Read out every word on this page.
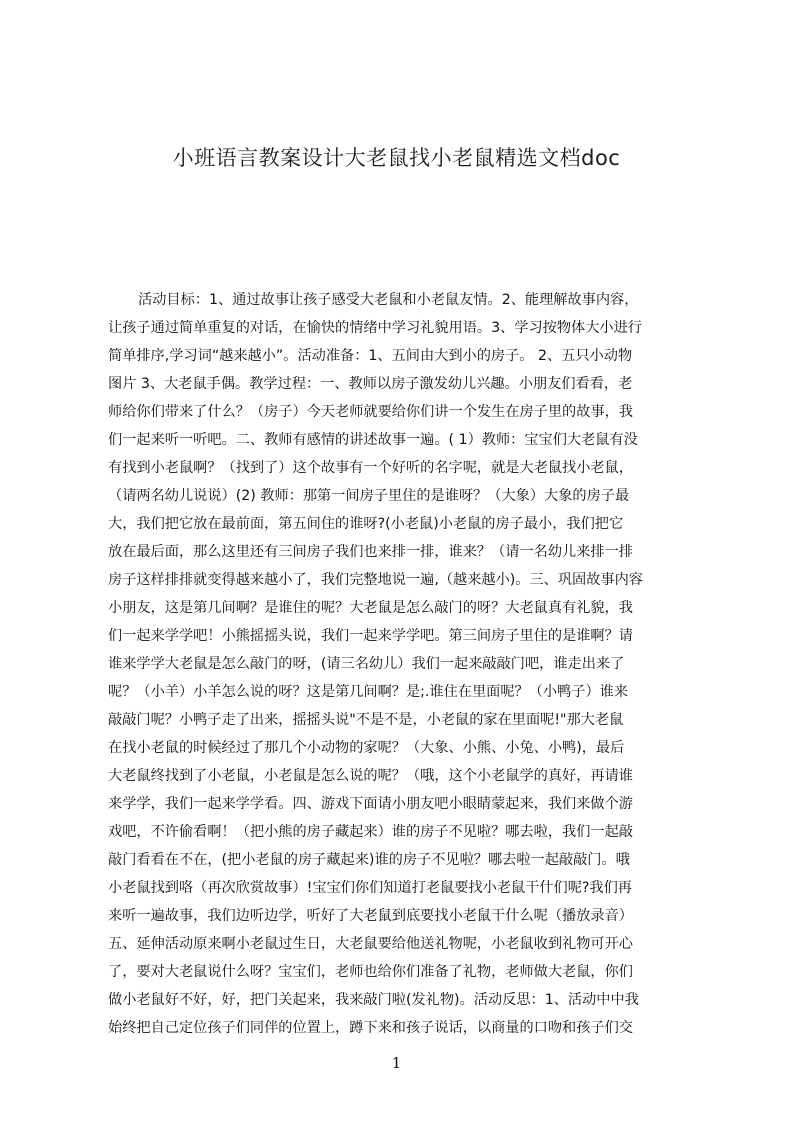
小班语言教案设计大老鼠找小老鼠精选文档doc
活动目标：1、通过故事让孩子感受大老鼠和小老鼠友情。2、能理解故事内容，
让孩子通过简单重复的对话，在愉快的情绪中学习礼貌用语。3、学习按物体大小进行
简单排序,学习词“越来越小”。活动准备：1、五间由大到小的房子。 2、五只小动物
图片 3、大老鼠手偶。教学过程：一、教师以房子激发幼儿兴趣。小朋友们看看，老
师给你们带来了什么？（房子）今天老师就要给你们讲一个发生在房子里的故事，我
们一起来听一听吧。二、教师有感情的讲述故事一遍。( 1）教师：宝宝们大老鼠有没
有找到小老鼠啊？（找到了）这个故事有一个好听的名字呢，就是大老鼠找小老鼠，
（请两名幼儿说说）(2) 教师：那第一间房子里住的是谁呀？（大象）大象的房子最
大，我们把它放在最前面，第五间住的谁呀?(小老鼠)小老鼠的房子最小，我们把它
放在最后面，那么这里还有三间房子我们也来排一排，谁来？（请一名幼儿来排一排
房子这样排排就变得越来越小了，我们完整地说一遍,（越来越小)。三、巩固故事内容
小朋友，这是第几间啊？是谁住的呢？大老鼠是怎么敲门的呀？大老鼠真有礼貌，我
们一起来学学吧！小熊摇摇头说，我们一起来学学吧。第三间房子里住的是谁啊？请
谁来学学大老鼠是怎么敲门的呀，(请三名幼儿）我们一起来敲敲门吧，谁走出来了
呢？（小羊）小羊怎么说的呀？这是第几间啊？是;.谁住在里面呢？（小鸭子）谁来
敲敲门呢？小鸭子走了出来，摇摇头说"不是不是，小老鼠的家在里面呢!"那大老鼠
在找小老鼠的时候经过了那几个小动物的家呢？（大象、小熊、小兔、小鸭)，最后
大老鼠终找到了小老鼠，小老鼠是怎么说的呢？（哦，这个小老鼠学的真好，再请谁
来学学，我们一起来学学看。四、游戏下面请小朋友吧小眼睛蒙起来，我们来做个游
戏吧，不许偷看啊！（把小熊的房子藏起来）谁的房子不见啦？哪去啦，我们一起敲
敲门看看在不在，(把小老鼠的房子藏起来)谁的房子不见啦？哪去啦一起敲敲门。哦
小老鼠找到咯（再次欣赏故事）!宝宝们你们知道打老鼠要找小老鼠干什们呢?我们再
来听一遍故事，我们边听边学，听好了大老鼠到底要找小老鼠干什么呢（播放录音）
五、延伸活动原来啊小老鼠过生日，大老鼠要给他送礼物呢，小老鼠收到礼物可开心
了，要对大老鼠说什么呀？宝宝们，老师也给你们准备了礼物，老师做大老鼠，你们
做小老鼠好不好，好，把门关起来，我来敲门啦(发礼物)。活动反思：1、活动中中我
始终把自己定位孩子们同伴的位置上，蹲下来和孩子说话，以商量的口吻和孩子们交
1
